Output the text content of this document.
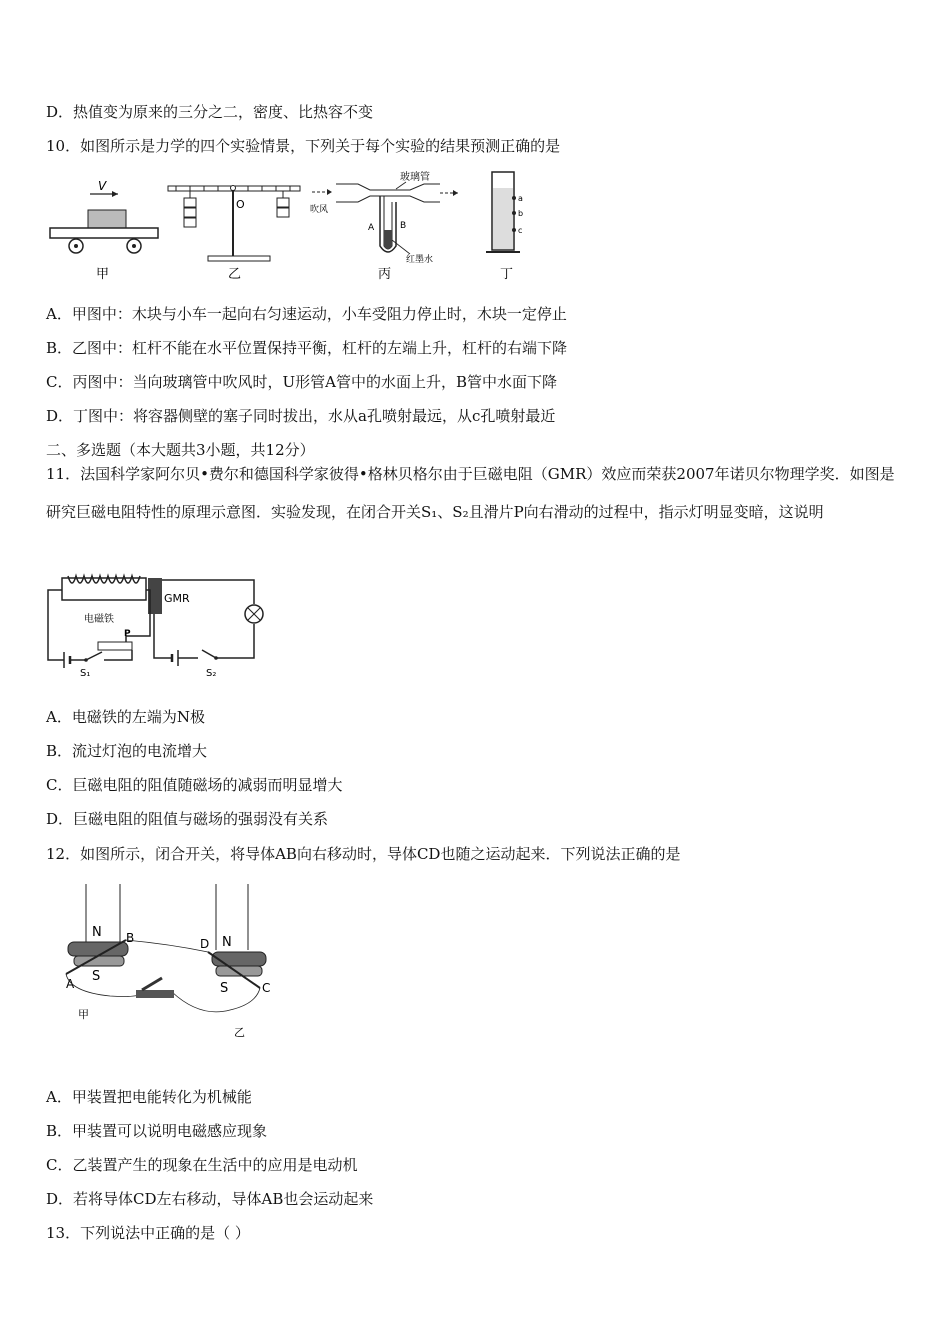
D．热值变为原来的三分之二，密度、比热容不变
10．如图所示是力学的四个实验情景，下列关于每个实验的结果预测正确的是
V
甲
O
乙
玻璃管
吹风
A	B
红墨水
丙
a
b
c
丁
A．甲图中：木块与小车一起向右匀速运动，小车受阻力停止时，木块一定停止
B．乙图中：杠杆不能在水平位置保持平衡，杠杆的左端上升，杠杆的右端下降
C．丙图中：当向玻璃管中吹风时，U形管A管中的水面上升，B管中水面下降
D．丁图中：将容器侧壁的塞子同时拔出，水从a孔喷射最远，从c孔喷射最近
二、多选题（本大题共3小题，共12分）
11．法国科学家阿尔贝•费尔和德国科学家彼得•格林贝格尔由于巨磁电阻（GMR）效应而荣获2007年诺贝尔物理学奖．如图是研究巨磁电阻特性的原理示意图．实验发现，在闭合开关S₁、S₂且滑片P向右滑动的过程中，指示灯明显变暗，这说明
电磁铁
GMR
S₁
P
S₂
A．电磁铁的左端为N极
B．流过灯泡的电流增大
C．巨磁电阻的阻值随磁场的减弱而明显增大
D．巨磁电阻的阻值与磁场的强弱没有关系
12．如图所示，闭合开关，将导体AB向右移动时，导体CD也随之运动起来．下列说法正确的是
N
S
B
A
甲
D N
S	C
乙
A．甲装置把电能转化为机械能
B．甲装置可以说明电磁感应现象
C．乙装置产生的现象在生活中的应用是电动机
D．若将导体CD左右移动，导体AB也会运动起来
13．下列说法中正确的是（ ）
